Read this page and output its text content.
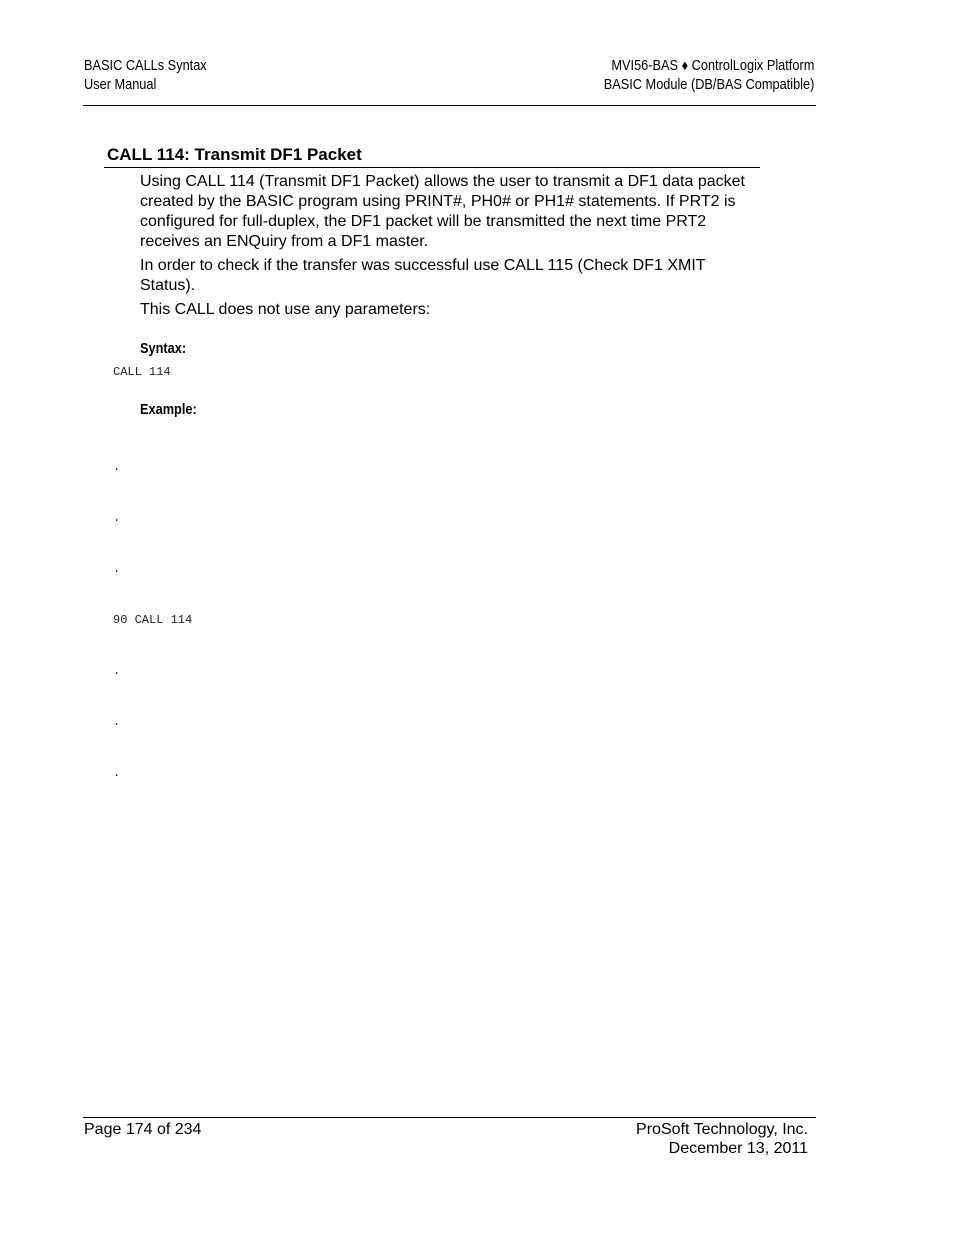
BASIC CALLs Syntax
User Manual
MVI56-BAS ♦ ControlLogix Platform
BASIC Module (DB/BAS Compatible)
CALL 114: Transmit DF1 Packet

Using CALL 114 (Transmit DF1 Packet) allows the user to transmit a DF1 data packet created by the BASIC program using PRINT#, PH0# or PH1# statements. If PRT2 is configured for full-duplex, the DF1 packet will be transmitted the next time PRT2 receives an ENQuiry from a DF1 master.

In order to check if the transfer was successful use CALL 115 (Check DF1 XMIT Status).

This CALL does not use any parameters:

Syntax:
CALL 114
Example:

.

.

.

90 CALL 114

.

.

.

Page 174 of 234	ProSoft Technology, Inc.
December 13, 2011
